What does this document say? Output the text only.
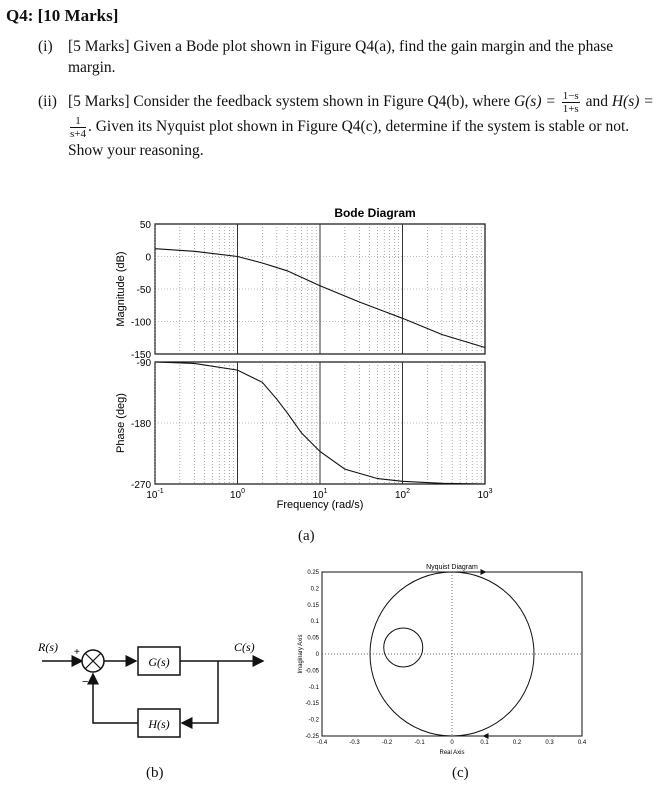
Q4: [10 Marks]
(i) [5 Marks] Given a Bode plot shown in Figure Q4(a), find the gain margin and the phase margin.
(ii) [5 Marks] Consider the feedback system shown in Figure Q4(b), where $G(s) = \frac{1-s}{1+s}$ and H(s) =
$\frac{1}{s+4}$ . Given its Nyquist plot shown in Figure Q4(c), determine if the system is stable or not. Show your reasoning.
Bode Diagram
50
0
-50
-100
-150
-90
-180
-270
$10^{-1}$	$10^0$	$10^1$	$10^2$	$10^3$
Magnitude (dB)
Phase (deg)
Frequency (rad/s)
(a)
R(s)	C(s)
+
−
G(s)
H(s)
(b)
Nyquist Diagram
-0.4	-0.3	-0.2	-0.1	0	0.1	0.2	0.3	0.4
0.25
0.2
0.15
0.1
0.05
0
-0.05
-0.1
-0.15
-0.2
-0.25
Imaginary Axis
Real Axis
(c)
